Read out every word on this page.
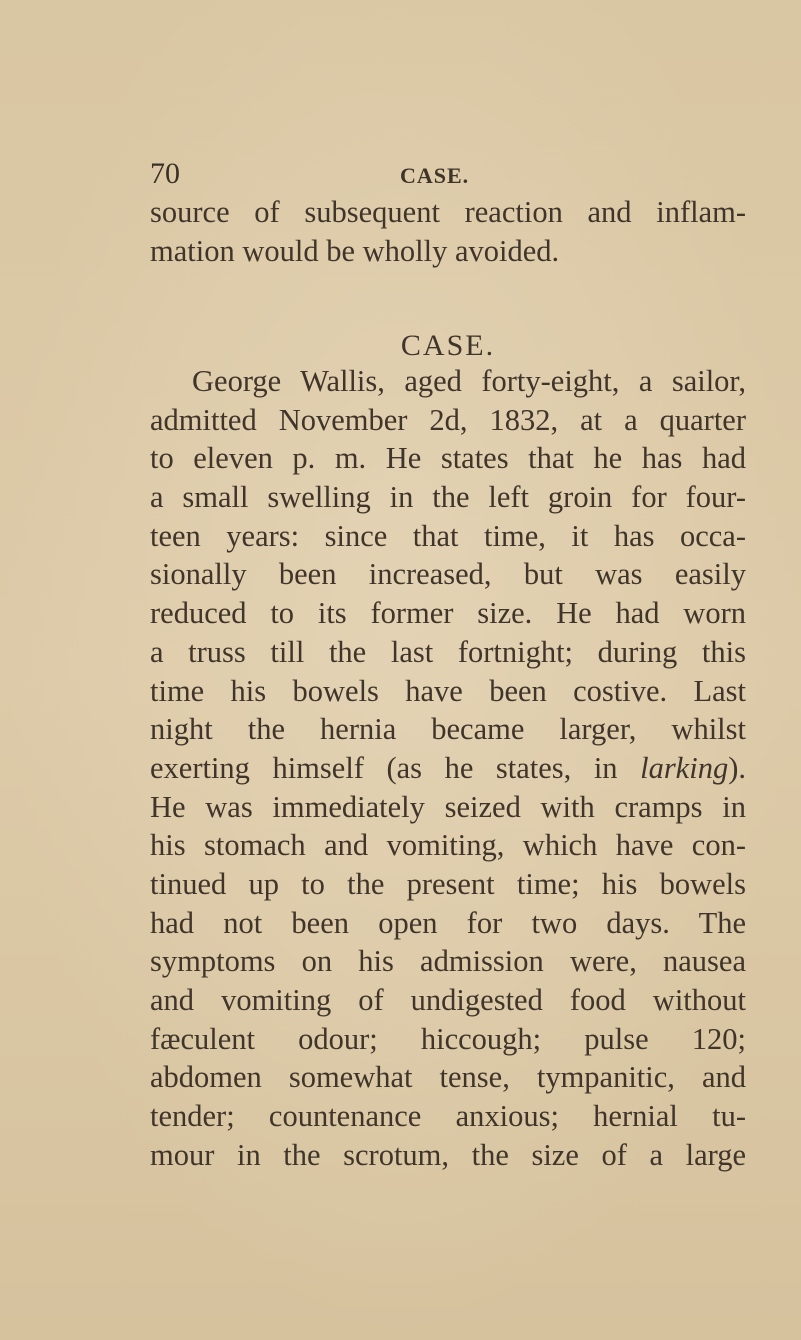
70	CASE.
source of subsequent reaction and inflam-
mation would be wholly avoided.
CASE.
George Wallis, aged forty-eight, a sailor,
admitted November 2d, 1832, at a quarter
to eleven p. m. He states that he has had
a small swelling in the left groin for four-
teen years: since that time, it has occa-
sionally been increased, but was easily
reduced to its former size. He had worn
a truss till the last fortnight; during this
time his bowels have been costive. Last
night the hernia became larger, whilst
exerting himself (as he states, in larking).
He was immediately seized with cramps in
his stomach and vomiting, which have con-
tinued up to the present time; his bowels
had not been open for two days. The
symptoms on his admission were, nausea
and vomiting of undigested food without
fæculent odour; hiccough; pulse 120;
abdomen somewhat tense, tympanitic, and
tender; countenance anxious; hernial tu-
mour in the scrotum, the size of a large
